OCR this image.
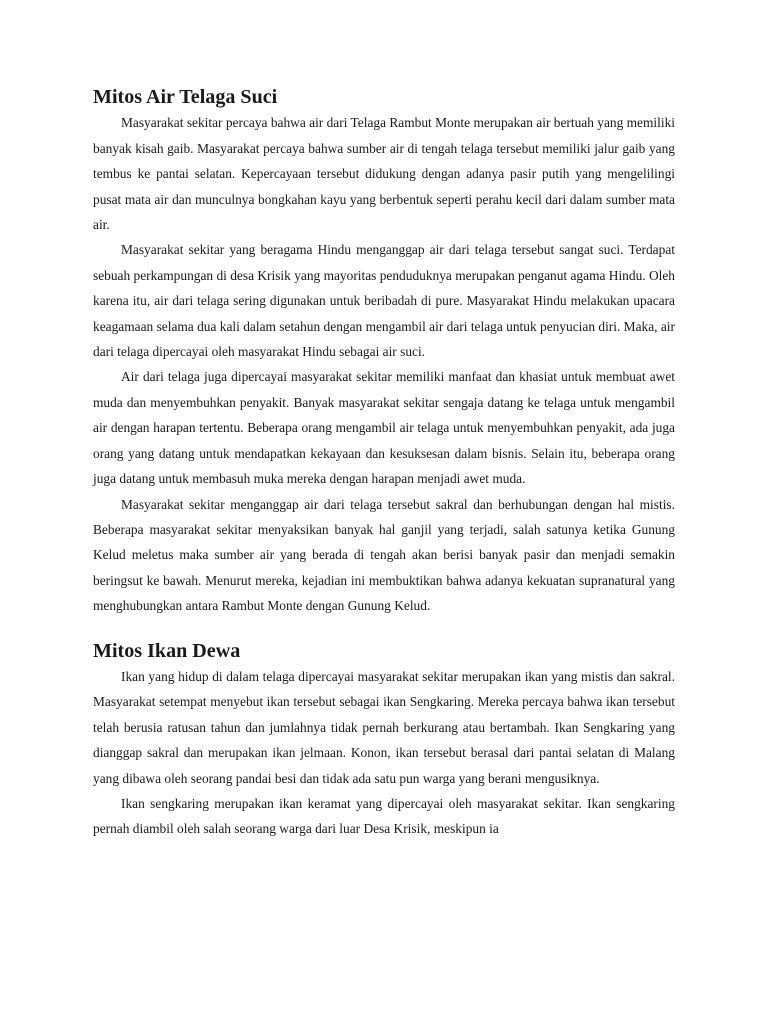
Mitos Air Telaga Suci

Masyarakat sekitar percaya bahwa air dari Telaga Rambut Monte merupakan air bertuah yang memiliki banyak kisah gaib. Masyarakat percaya bahwa sumber air di tengah telaga tersebut memiliki jalur gaib yang tembus ke pantai selatan. Kepercayaan tersebut didukung dengan adanya pasir putih yang mengelilingi pusat mata air dan munculnya bongkahan kayu yang berbentuk seperti perahu kecil dari dalam sumber mata air.

Masyarakat sekitar yang beragama Hindu menganggap air dari telaga tersebut sangat suci. Terdapat sebuah perkampungan di desa Krisik yang mayoritas penduduknya merupakan penganut agama Hindu. Oleh karena itu, air dari telaga sering digunakan untuk beribadah di pure. Masyarakat Hindu melakukan upacara keagamaan selama dua kali dalam setahun dengan mengambil air dari telaga untuk penyucian diri. Maka, air dari telaga dipercayai oleh masyarakat Hindu sebagai air suci.

Air dari telaga juga dipercayai masyarakat sekitar memiliki manfaat dan khasiat untuk membuat awet muda dan menyembuhkan penyakit. Banyak masyarakat sekitar sengaja datang ke telaga untuk mengambil air dengan harapan tertentu. Beberapa orang mengambil air telaga untuk menyembuhkan penyakit, ada juga orang yang datang untuk mendapatkan kekayaan dan kesuksesan dalam bisnis. Selain itu, beberapa orang juga datang untuk membasuh muka mereka dengan harapan menjadi awet muda.

Masyarakat sekitar menganggap air dari telaga tersebut sakral dan berhubungan dengan hal mistis. Beberapa masyarakat sekitar menyaksikan banyak hal ganjil yang terjadi, salah satunya ketika Gunung Kelud meletus maka sumber air yang berada di tengah akan berisi banyak pasir dan menjadi semakin beringsut ke bawah. Menurut mereka, kejadian ini membuktikan bahwa adanya kekuatan supranatural yang menghubungkan antara Rambut Monte dengan Gunung Kelud.

Mitos Ikan Dewa

Ikan yang hidup di dalam telaga dipercayai masyarakat sekitar merupakan ikan yang mistis dan sakral. Masyarakat setempat menyebut ikan tersebut sebagai ikan Sengkaring. Mereka percaya bahwa ikan tersebut telah berusia ratusan tahun dan jumlahnya tidak pernah berkurang atau bertambah. Ikan Sengkaring yang dianggap sakral dan merupakan ikan jelmaan. Konon, ikan tersebut berasal dari pantai selatan di Malang yang dibawa oleh seorang pandai besi dan tidak ada satu pun warga yang berani mengusiknya.

Ikan sengkaring merupakan ikan keramat yang dipercayai oleh masyarakat sekitar. Ikan sengkaring pernah diambil oleh salah seorang warga dari luar Desa Krisik, meskipun ia
